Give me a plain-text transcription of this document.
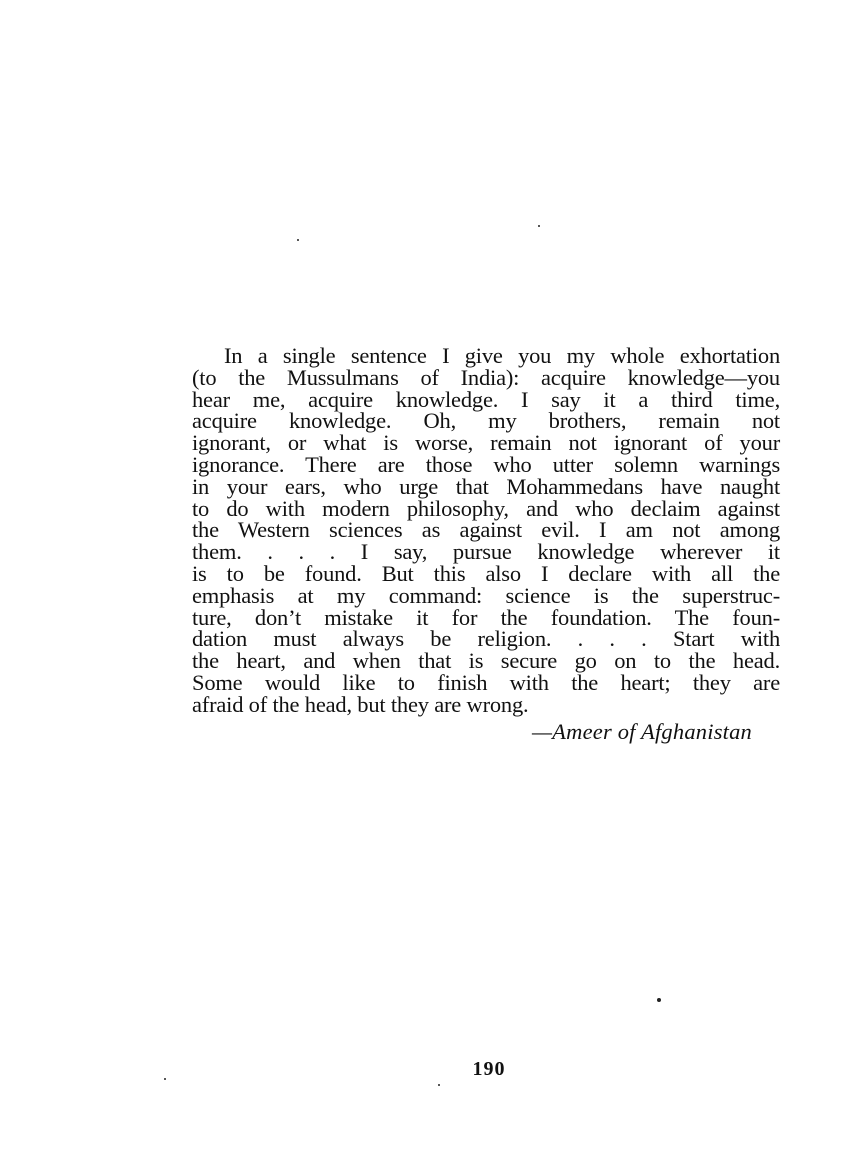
In a single sentence I give you my whole exhortation
(to the Mussulmans of India): acquire knowledge—you
hear me, acquire knowledge. I say it a third time,
acquire knowledge. Oh, my brothers, remain not
ignorant, or what is worse, remain not ignorant of your
ignorance. There are those who utter solemn warnings
in your ears, who urge that Mohammedans have naught
to do with modern philosophy, and who declaim against
the Western sciences as against evil. I am not among
them. . . . I say, pursue knowledge wherever it
is to be found. But this also I declare with all the
emphasis at my command: science is the superstruc-
ture, don’t mistake it for the foundation. The foun-
dation must always be religion. . . . Start with
the heart, and when that is secure go on to the head.
Some would like to finish with the heart; they are
afraid of the head, but they are wrong.
—Ameer of Afghanistan
190
